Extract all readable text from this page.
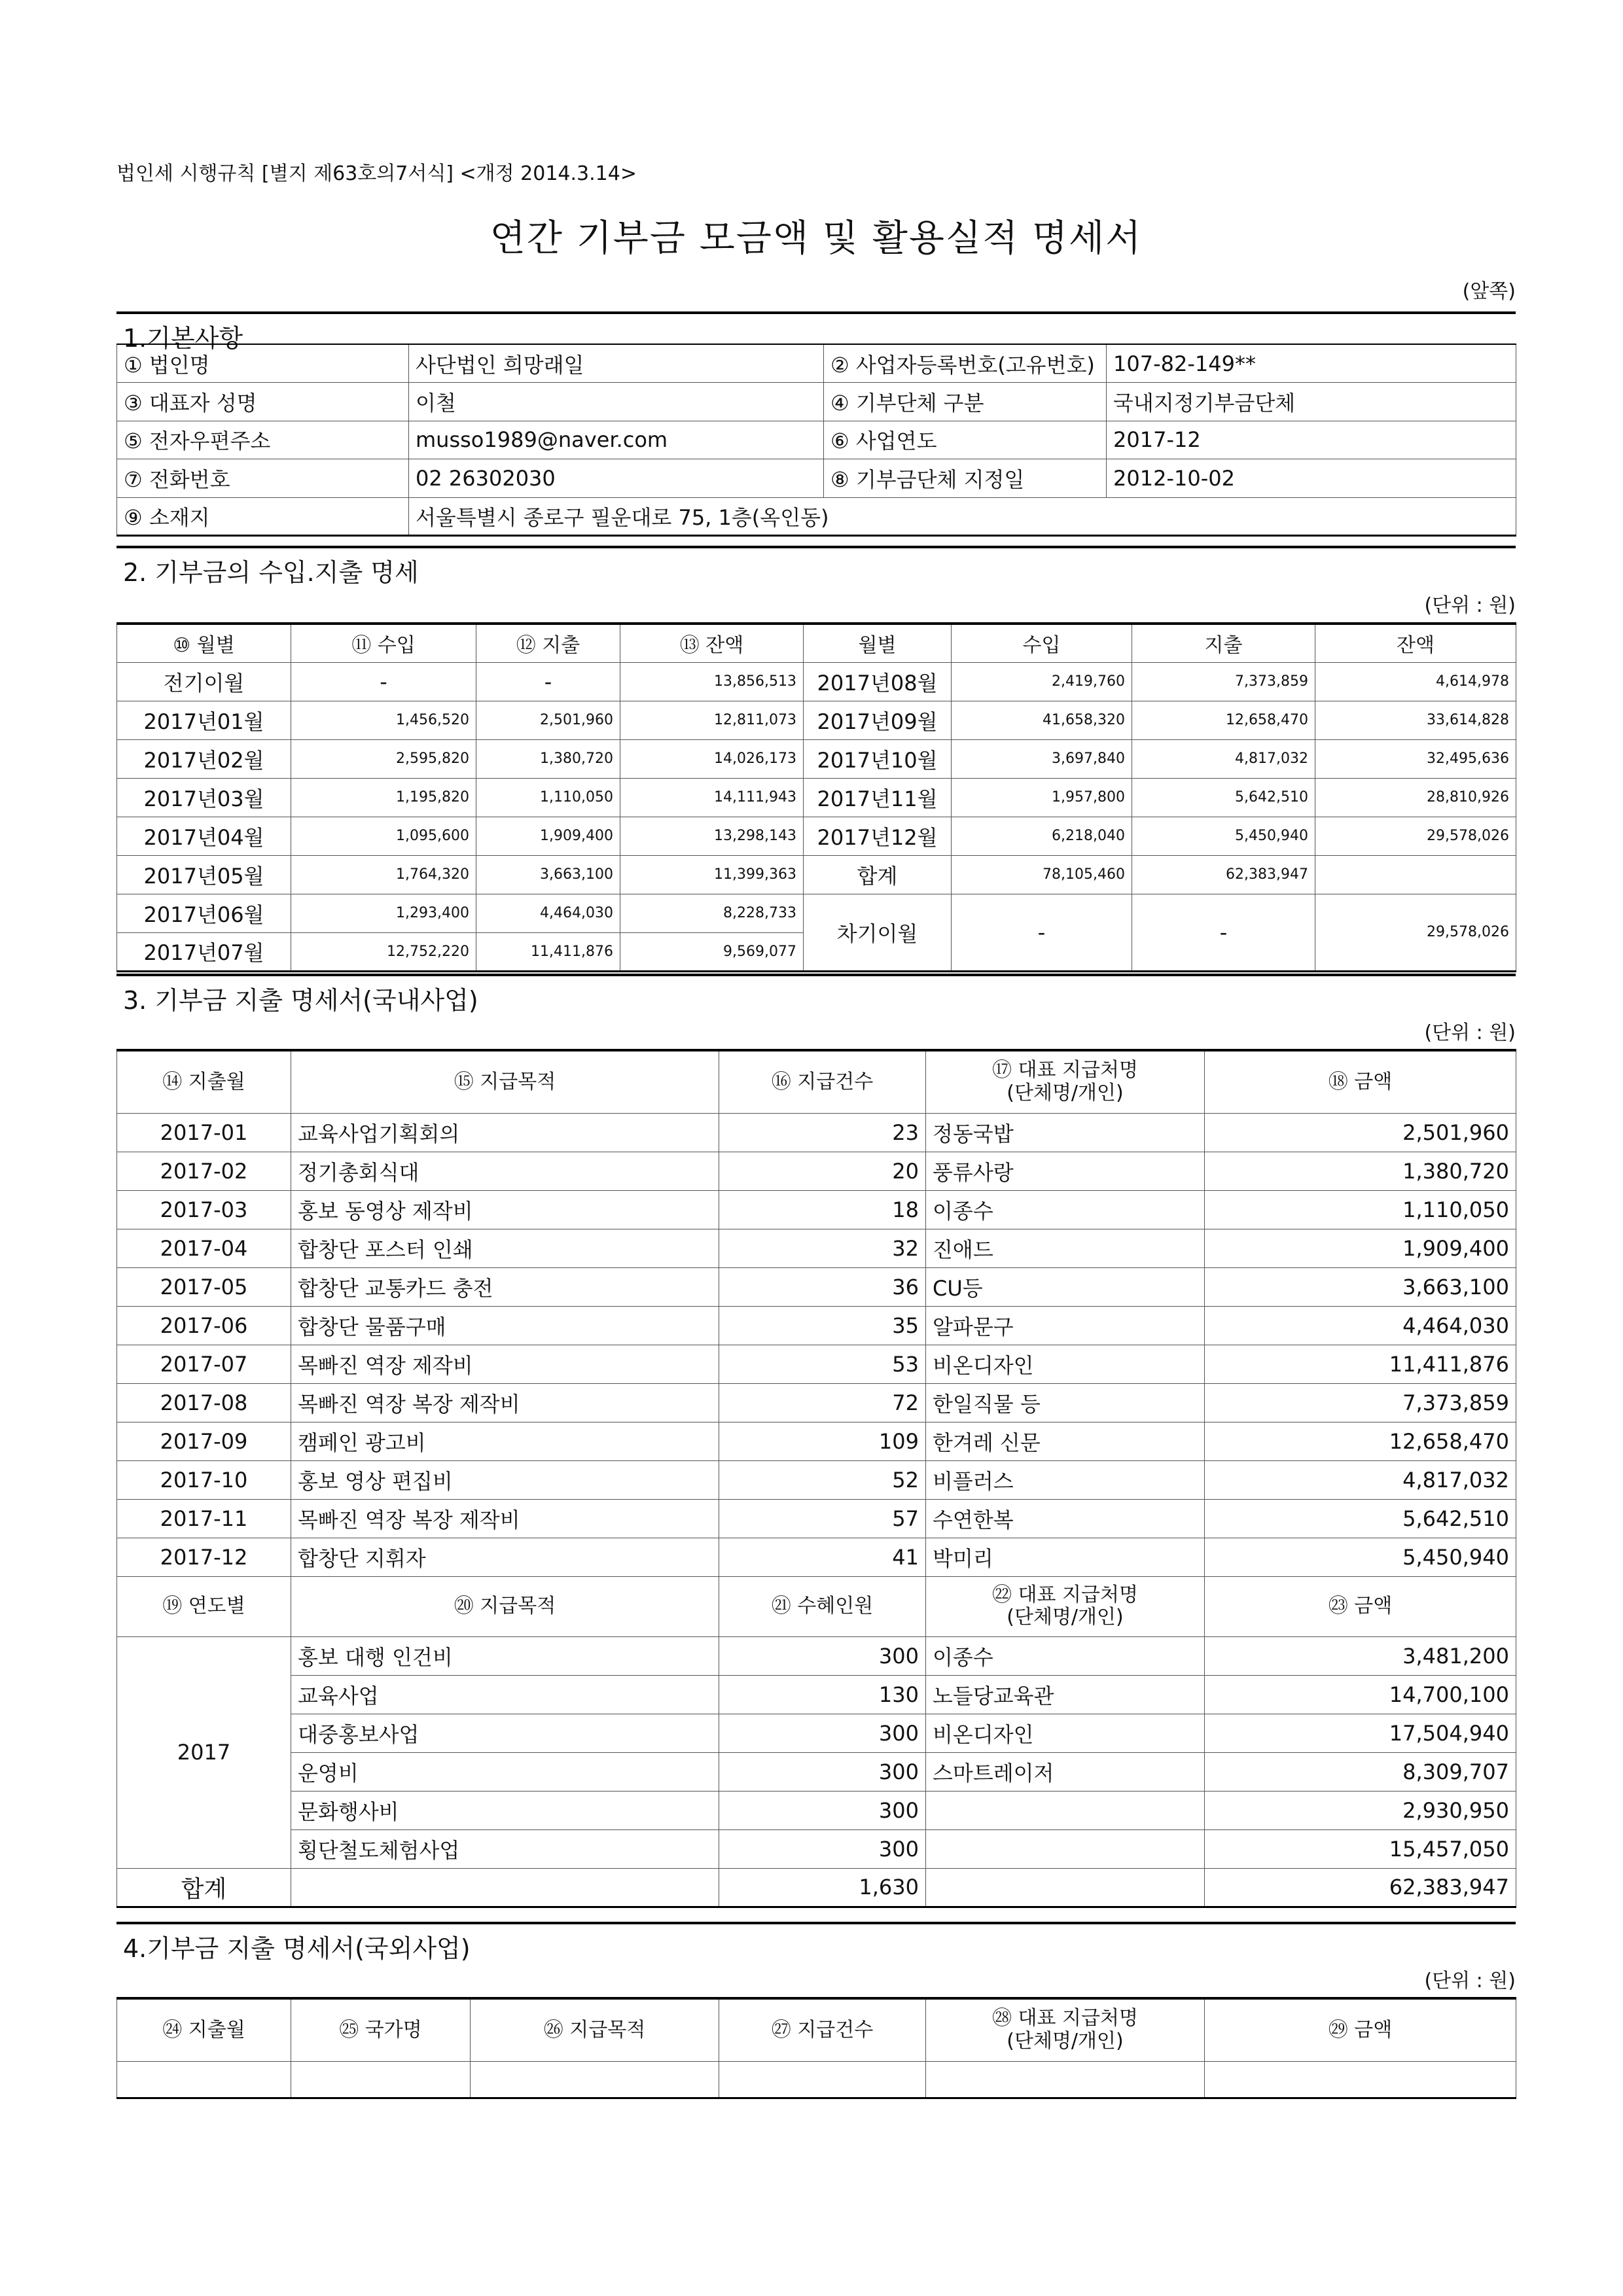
법인세 시행규칙 [별지 제63호의7서식] <개정 2014.3.14>
연간 기부금 모금액 및 활용실적 명세서
(앞쪽)
1.기본사항
① 법인명	사단법인 희망래일	② 사업자등록번호(고유번호)	107-82-149**
③ 대표자 성명	이철	④ 기부단체 구분	국내지정기부금단체
⑤ 전자우편주소	musso1989@naver.com	⑥ 사업연도	2017-12
⑦ 전화번호	02 26302030	⑧ 기부금단체 지정일	2012-10-02
⑨ 소재지	서울특별시 종로구 필운대로 75, 1층(옥인동)		
2. 기부금의 수입.지출 명세
(단위 : 원)
⑩ 월별	⑪ 수입	⑫ 지출	⑬ 잔액	월별	수입	지출	잔액
전기이월	-	-	13,856,513	2017년08월	2,419,760	7,373,859	4,614,978
2017년01월	1,456,520	2,501,960	12,811,073	2017년09월	41,658,320	12,658,470	33,614,828
2017년02월	2,595,820	1,380,720	14,026,173	2017년10월	3,697,840	4,817,032	32,495,636
2017년03월	1,195,820	1,110,050	14,111,943	2017년11월	1,957,800	5,642,510	28,810,926
2017년04월	1,095,600	1,909,400	13,298,143	2017년12월	6,218,040	5,450,940	29,578,026
2017년05월	1,764,320	3,663,100	11,399,363	합계	78,105,460	62,383,947	
2017년06월	1,293,400	4,464,030	8,228,733	차기이월	-	-	29,578,026
2017년07월	12,752,220	11,411,876	9,569,077				
3. 기부금 지출 명세서(국내사업)
(단위 : 원)
⑭ 지출월	⑮ 지급목적	⑯ 지급건수	⑰ 대표 지급처명
(단체명/개인)	⑱ 금액
2017-01	교육사업기획회의	23	정동국밥	2,501,960
2017-02	정기총회식대	20	풍류사랑	1,380,720
2017-03	홍보 동영상 제작비	18	이종수	1,110,050
2017-04	합창단 포스터 인쇄	32	진애드	1,909,400
2017-05	합창단 교통카드 충전	36	CU등	3,663,100
2017-06	합창단 물품구매	35	알파문구	4,464,030
2017-07	목빠진 역장 제작비	53	비온디자인	11,411,876
2017-08	목빠진 역장 복장 제작비	72	한일직물 등	7,373,859
2017-09	캠페인 광고비	109	한겨레 신문	12,658,470
2017-10	홍보 영상 편집비	52	비플러스	4,817,032
2017-11	목빠진 역장 복장 제작비	57	수연한복	5,642,510
2017-12	합창단 지휘자	41	박미리	5,450,940
⑲ 연도별	⑳ 지급목적	㉑ 수혜인원	㉒ 대표 지급처명
(단체명/개인)	㉓ 금액
2017	홍보 대행 인건비	300	이종수	3,481,200
	교육사업	130	노들당교육관	14,700,100
	대중홍보사업	300	비온디자인	17,504,940
	운영비	300	스마트레이저	8,309,707
	문화행사비	300		2,930,950
	횡단철도체험사업	300		15,457,050
합계		1,630		62,383,947
4.기부금 지출 명세서(국외사업)
(단위 : 원)
㉔ 지출월	㉕ 국가명	㉖ 지급목적	㉗ 지급건수	㉘ 대표 지급처명
(단체명/개인)	㉙ 금액
